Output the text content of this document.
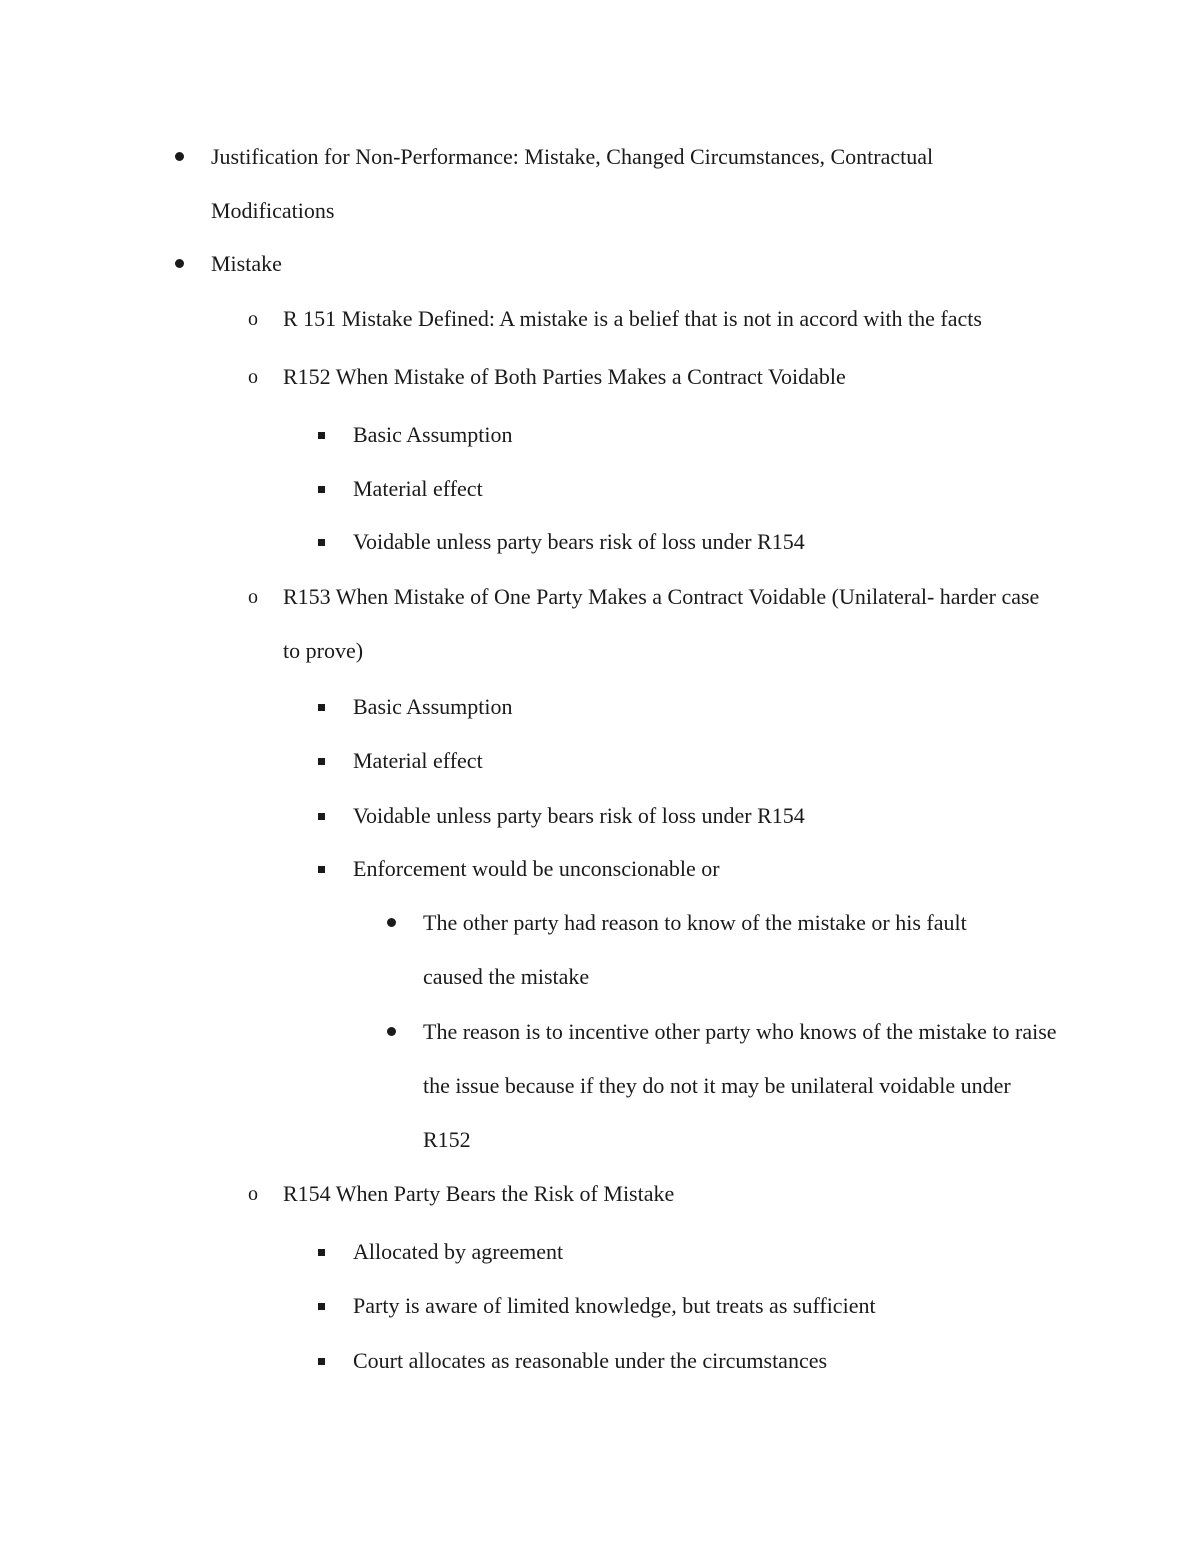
Justification for Non-Performance: Mistake, Changed Circumstances, Contractual Modifications
Mistake
o R 151 Mistake Defined: A mistake is a belief that is not in accord with the facts
o R152 When Mistake of Both Parties Makes a Contract Voidable
Basic Assumption
Material effect
Voidable unless party bears risk of loss under R154
o R153 When Mistake of One Party Makes a Contract Voidable (Unilateral- harder case to prove)
Basic Assumption
Material effect
Voidable unless party bears risk of loss under R154
Enforcement would be unconscionable or
The other party had reason to know of the mistake or his fault caused the mistake
The reason is to incentive other party who knows of the mistake to raise the issue because if they do not it may be unilateral voidable under R152
o R154 When Party Bears the Risk of Mistake
Allocated by agreement
Party is aware of limited knowledge, but treats as sufficient
Court allocates as reasonable under the circumstances
